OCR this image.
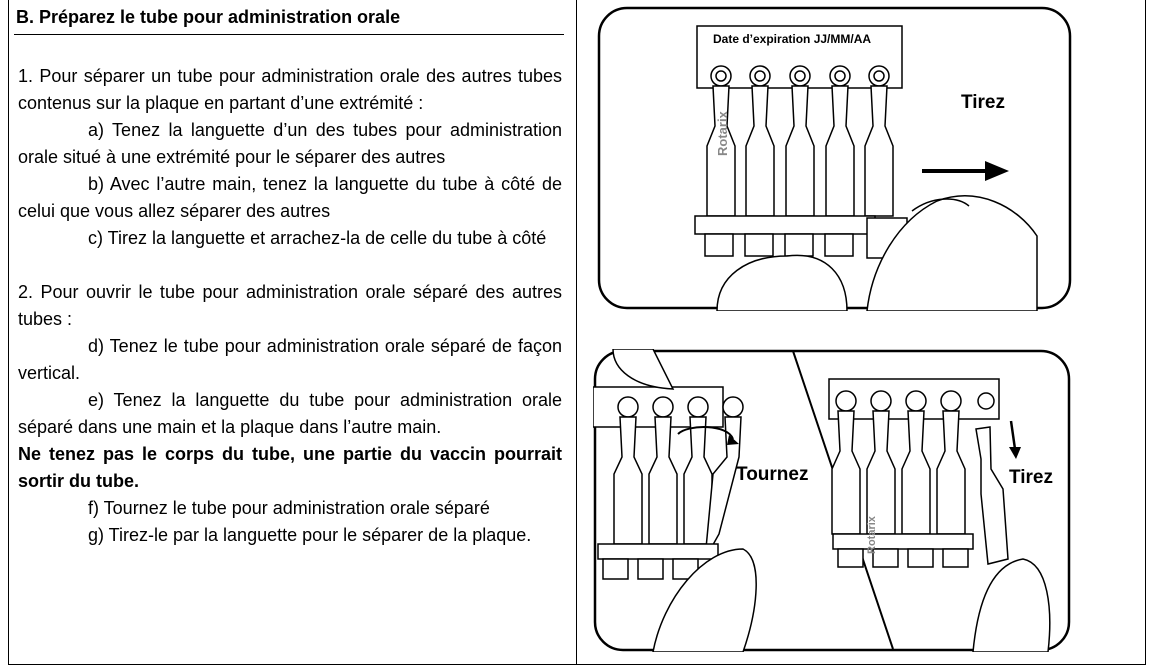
B. Préparez le tube pour administration orale
1. Pour séparer un tube pour administration orale des autres tubes contenus sur la plaque en partant d’une extrémité :
a) Tenez la languette d’un des tubes pour administration orale situé à une extrémité pour le séparer des autres
b) Avec l’autre main, tenez la languette du tube à côté de celui que vous allez séparer des autres
c) Tirez la languette et arrachez-la de celle du tube à côté
2. Pour ouvrir le tube pour administration orale séparé des autres tubes :
d) Tenez le tube pour administration orale séparé de façon vertical.
e) Tenez la languette du tube pour administration orale séparé dans une main et la plaque dans l’autre main.
Ne tenez pas le corps du tube, une partie du vaccin pourrait sortir du tube.
f) Tournez le tube pour administration orale séparé
g) Tirez-le par la languette pour le séparer de la plaque.
Date d’expiration JJ/MM/AA
Tirez
Rotarix
Tournez	Tirez
Rotarix
